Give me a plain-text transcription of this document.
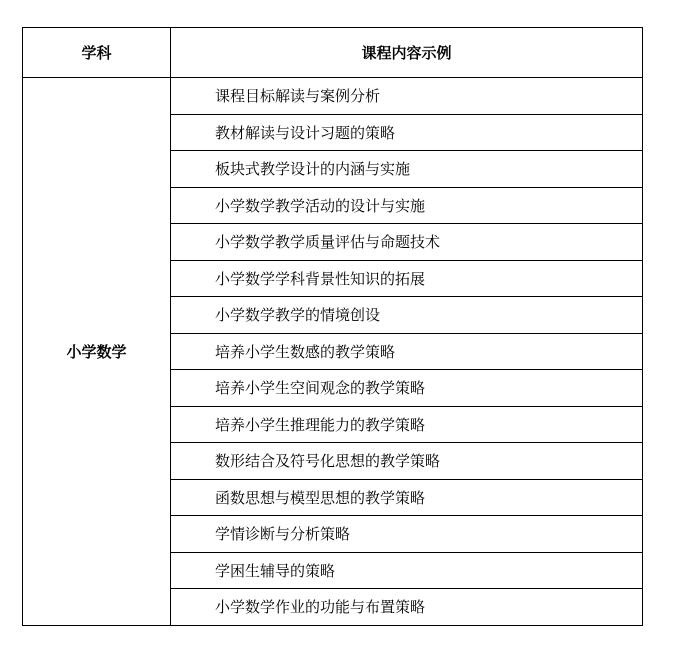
学科	课程内容示例
小学数学	课程目标解读与案例分析
	教材解读与设计习题的策略
	板块式教学设计的内涵与实施
	小学数学教学活动的设计与实施
	小学数学教学质量评估与命题技术
	小学数学学科背景性知识的拓展
	小学数学教学的情境创设
	培养小学生数感的教学策略
	培养小学生空间观念的教学策略
	培养小学生推理能力的教学策略
	数形结合及符号化思想的教学策略
	函数思想与模型思想的教学策略
	学情诊断与分析策略
	学困生辅导的策略
	小学数学作业的功能与布置策略
